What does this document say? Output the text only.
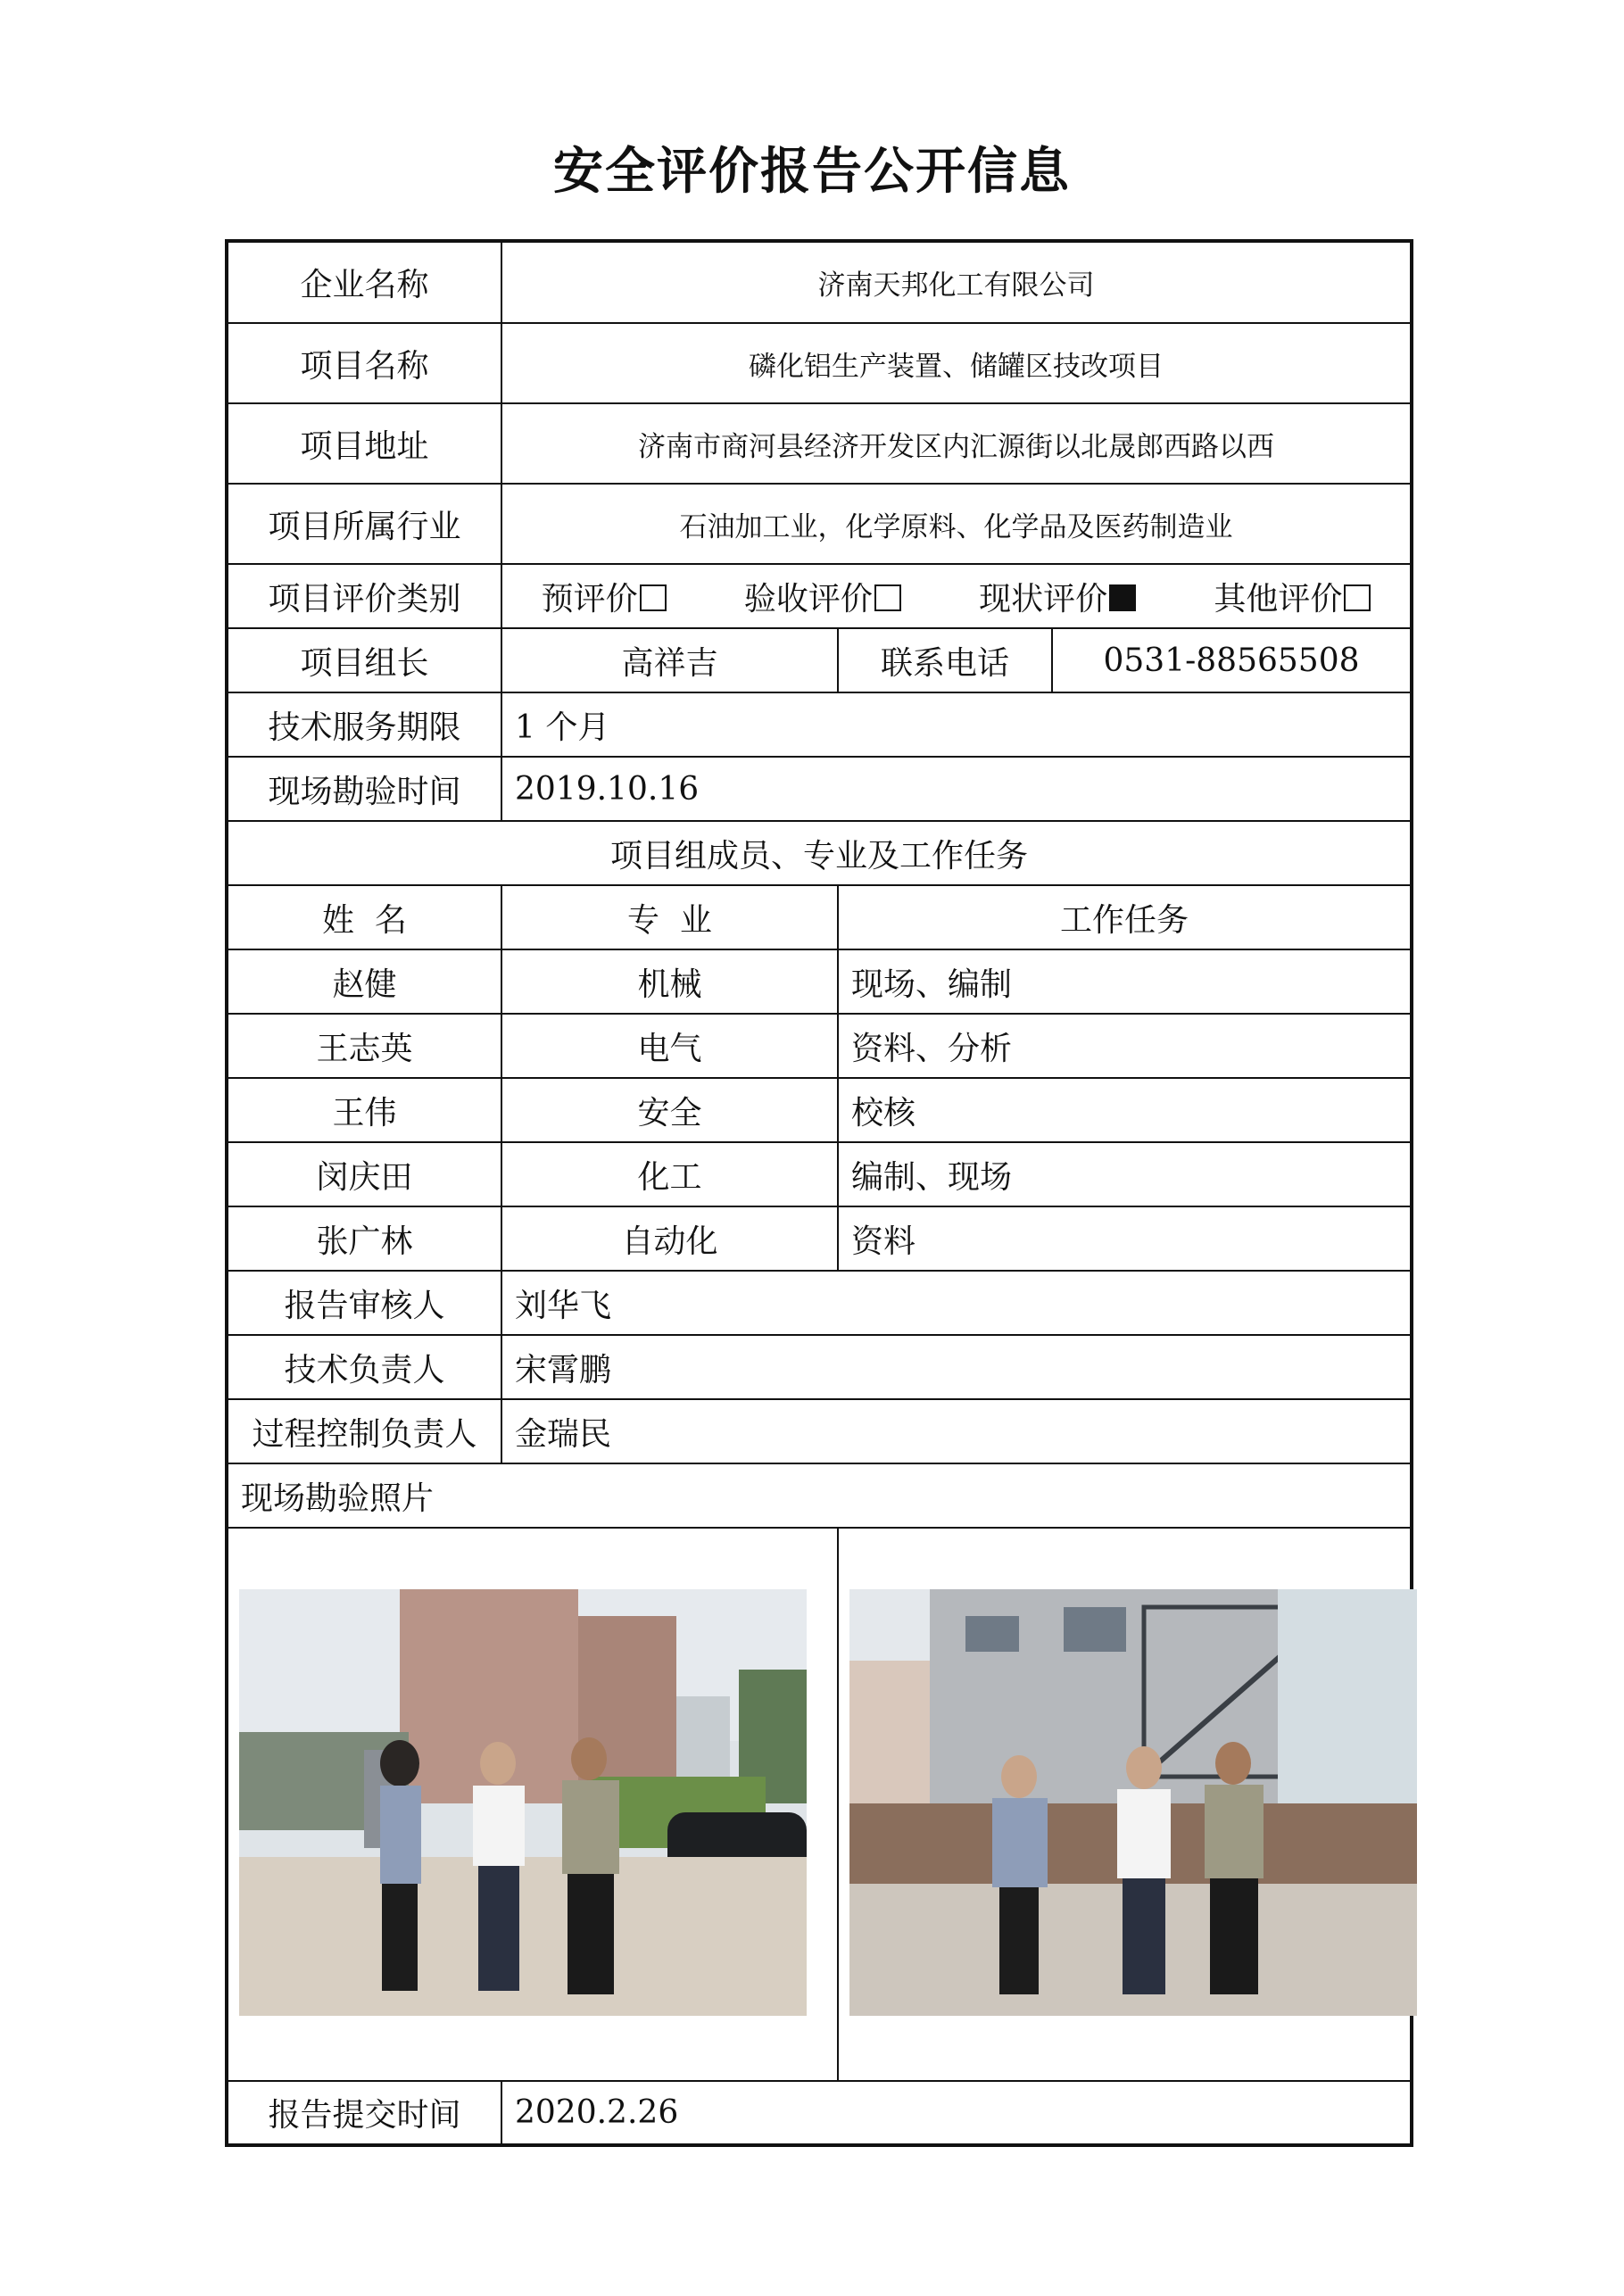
安全评价报告公开信息
企业名称	济南天邦化工有限公司		
项目名称	磷化铝生产装置、储罐区技改项目		
项目地址	济南市商河县经济开发区内汇源街以北晟郎西路以西		
项目所属行业	石油加工业，化学原料、化学品及医药制造业		
项目评价类别	预评价 验收评价 现状评价 其他评价		

项目组长	高祥吉	联系电话	0531-88565508
技术服务期限	1 个月		
现场勘验时间	2019.10.16		
项目组成员、专业及工作任务			
姓  名	专  业	工作任务	
赵健	机械	现场、编制	
王志英	电气	资料、分析	
王伟	安全	校核	
闵庆田	化工	编制、现场	
张广林	自动化	资料	
报告审核人	刘华飞		
技术负责人	宋霄鹏		
过程控制负责人	金瑞民		
现场勘验照片			

报告提交时间	2020.2.26		
